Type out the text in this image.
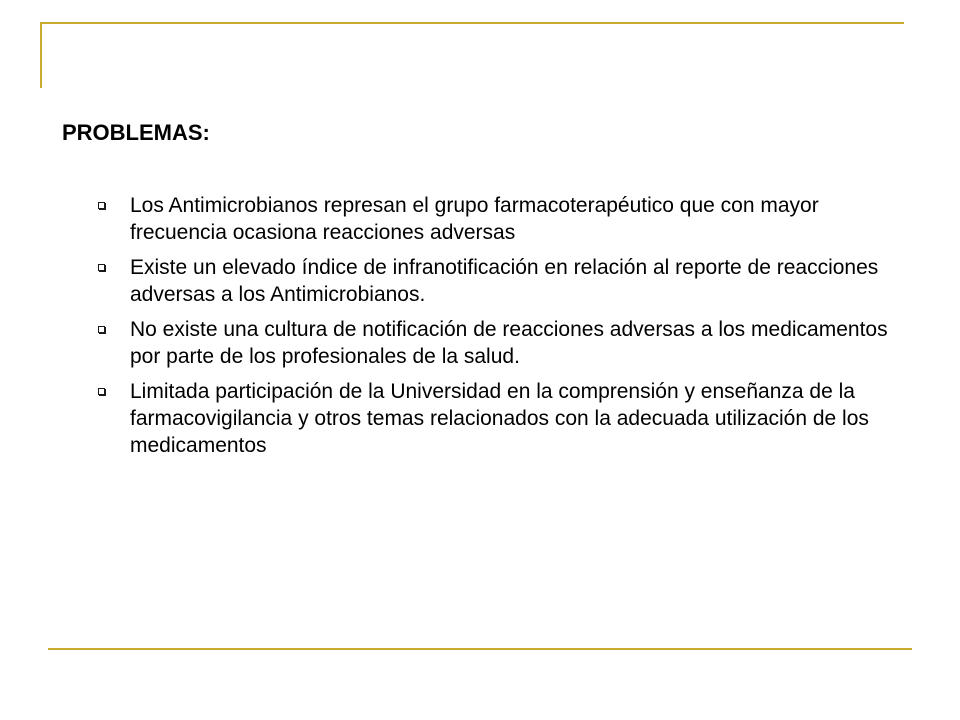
PROBLEMAS:
Los Antimicrobianos represan el grupo farmacoterapéutico que con mayor frecuencia ocasiona reacciones adversas
Existe un elevado índice de infranotificación en relación al reporte de reacciones adversas a los Antimicrobianos.
No existe una cultura de notificación de reacciones adversas a los medicamentos por parte de los profesionales de la salud.
Limitada participación de la Universidad en la comprensión y enseñanza de la farmacovigilancia y otros temas relacionados con la adecuada utilización de los medicamentos
